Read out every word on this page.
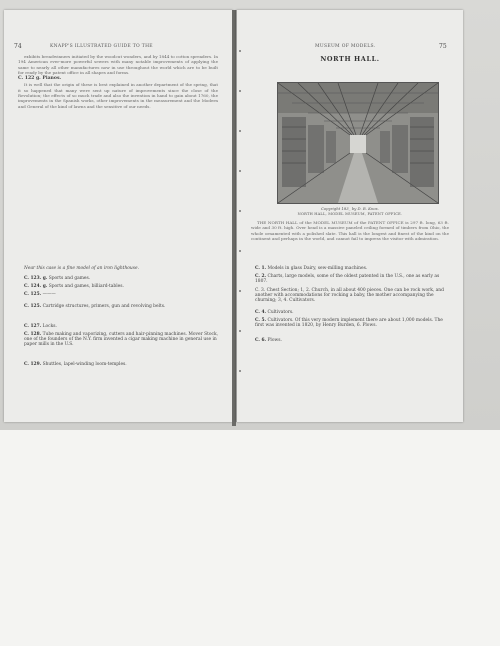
74	KNAPP'S ILLUSTRATED GUIDE TO THE

exhibits breadwinners initiated by the woodcut wonders, and by 1844 to cotton spreaders. In 194 American ever-more powerful sewers with many notable improvements of applying the same to nearly all other manufactures now in use throughout the world which are to be built for ready by the patent office in all shapes and forms.

C. 122 g. Pianos.

It is well that the origin of these is best explained in another department of the spring, that it so happened that many were sent up nature of improvements since the close of the Revolution; the effects of so much trade and also the invention in hand to gain about 1760, the improvements in the Spanish works, other improvements in the measurement and the Modern and General of the kind of lawns and the sensitive of our needs.

Near this case is a fine model of an iron lighthouse.
C. 123. g. Sports and games.
C. 124. g. Sports and games, billiard-tables.
C. 125. ———
C. 125. Cartridge structures, primers, gun and revolving belts.
C. 127. Locks.
C. 128. Tube making and vaporizing, cutters and hair-pinning machines. Mover Stock, one of the founders of the N.Y. firm invented a cigar making machine in general use in paper mills in the U.S.
C. 129. Shuttles, lapel-winding loom-temples.
MUSEUM OF MODELS.	75
NORTH HALL.
Copyright 183_ by D. R. Knox.
NORTH HALL, MODEL MUSEUM, PATENT OFFICE.

THE NORTH HALL of the MODEL MUSEUM of the PATENT OFFICE is 297 ft. long, 63 ft. wide and 30 ft. high. Over head is a massive paneled ceiling formed of timbers from Ohio, the whole ornamented with a polished slate. This hall is the longest and finest of the kind on the continent and perhaps in the world, and cannot fail to impress the visitor with admiration.

C. 1. Models in glass Dairy, sew-milling machines.
C. 2. Charts, large models, some of the oldest patented in the U.S., one as early as 1807.
C. 3. Chest Section; 1, 2. Church, in all about 400 pieces. One can be rock work, and another with accommodations for rocking a baby, the mother accompanying the churning; 3, 4. Cultivators.
C. 4. Cultivators.
C. 5. Cultivators. Of this very modern implement there are about 1,000 models. The first was invented in 1820, by Henry Burden, 6. Plows.
C. 6. Plows.
